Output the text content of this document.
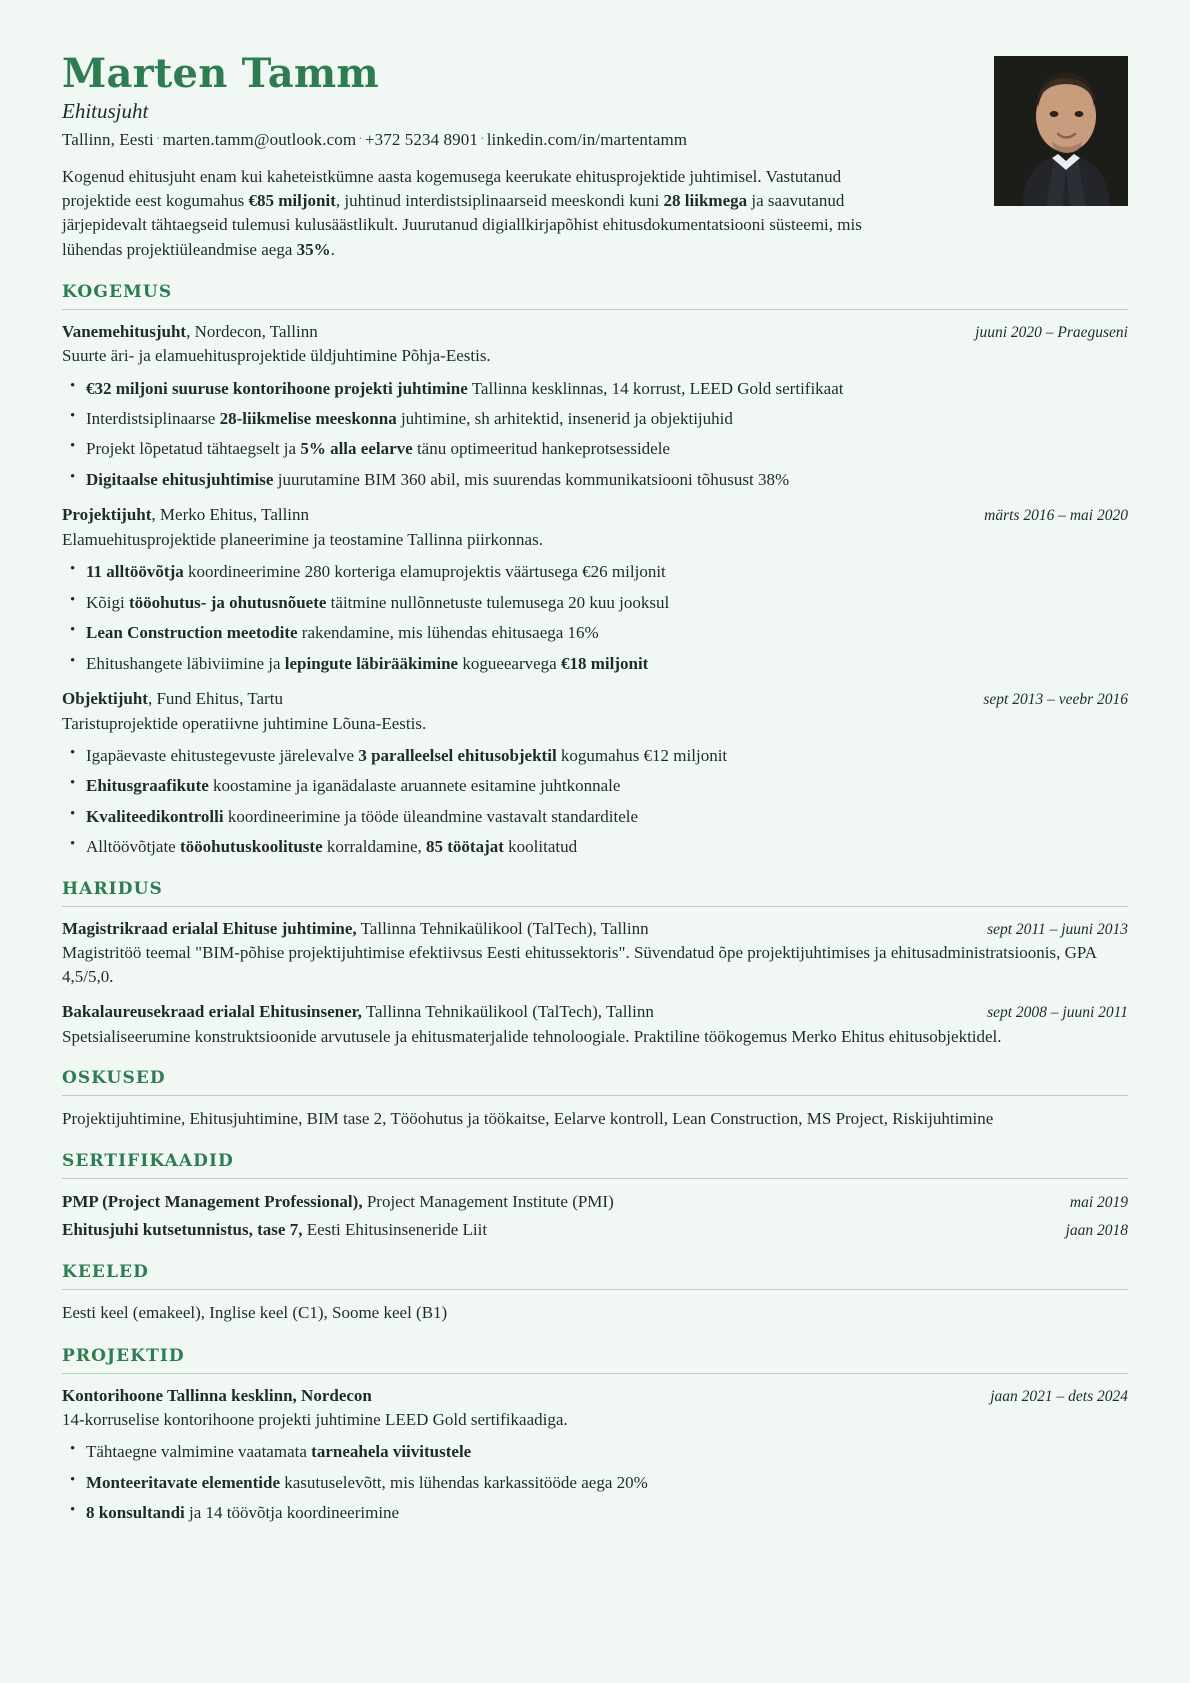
Marten Tamm
Ehitusjuht
Tallinn, Eesti · marten.tamm@outlook.com · +372 5234 8901 · linkedin.com/in/martentamm
Kogenud ehitusjuht enam kui kaheteistkümne aasta kogemusega keerukate ehitusprojektide juhtimisel. Vastutanud projektide eest kogumahus €85 miljonit, juhtinud interdistsiplinaarseid meeskondi kuni 28 liikmega ja saavutanud järjepidevalt tähtaegseid tulemusi kulusäästlikult. Juurutanud digiallkirjapõhist ehitusdokumentatsiooni süsteemi, mis lühendas projektiüleandmise aega 35%.
KOGEMUS
Vanemehitusjuht, Nordecon, Tallinn	juuni 2020 – Praeguseni
Suurte äri- ja elamuehitusprojektide üldjuhtimine Põhja-Eestis.
• €32 miljoni suuruse kontorihoone projekti juhtimine Tallinna kesklinnas, 14 korrust, LEED Gold sertifikaat
• Interdistsiplinaarse 28-liikmelise meeskonna juhtimine, sh arhitektid, insenerid ja objektijuhid
• Projekt lõpetatud tähtaegselt ja 5% alla eelarve tänu optimeeritud hankeprotsessidele
• Digitaalse ehitusjuhtimise juurutamine BIM 360 abil, mis suurendas kommunikatsiooni tõhusust 38%
Projektijuht, Merko Ehitus, Tallinn	märts 2016 – mai 2020
Elamuehitusprojektide planeerimine ja teostamine Tallinna piirkonnas.
• 11 alltöövõtja koordineerimine 280 korteriga elamuprojektis väärtusega €26 miljonit
• Kõigi tööohutus- ja ohutusnõuete täitmine nullõnnetuste tulemusega 20 kuu jooksul
• Lean Construction meetodite rakendamine, mis lühendas ehitusaega 16%
• Ehitushangete läbiviimine ja lepingute läbirääkimine kogueearvega €18 miljonit
Objektijuht, Fund Ehitus, Tartu	sept 2013 – veebr 2016
Taristuprojektide operatiivne juhtimine Lõuna-Eestis.
• Igapäevaste ehitustegevuste järelevalve 3 paralleelsel ehitusobjektil kogumahus €12 miljonit
• Ehitusgraafikute koostamine ja iganädalaste aruannete esitamine juhtkonnale
• Kvaliteedikontrolli koordineerimine ja tööde üleandmine vastavalt standarditele
• Alltöövõtjate tööohutuskoolituste korraldamine, 85 töötajat koolitatud
HARIDUS
Magistrikraad erialal Ehituse juhtimine, Tallinna Tehnikaülikool (TalTech), Tallinn	sept 2011 – juuni 2013
Magistritöö teemal "BIM-põhise projektijuhtimise efektiivsus Eesti ehitussektoris". Süvendatud õpe projektijuhtimises ja ehitusadministratsioonis, GPA 4,5/5,0.
Bakalaureusekraad erialal Ehitusinsener, Tallinna Tehnikaülikool (TalTech), Tallinn	sept 2008 – juuni 2011
Spetsialiseerumine konstruktsioonide arvutusele ja ehitusmaterjalide tehnoloogiale. Praktiline töökogemus Merko Ehitus ehitusobjektidel.
OSKUSED
Projektijuhtimine, Ehitusjuhtimine, BIM tase 2, Tööohutus ja töökaitse, Eelarve kontroll, Lean Construction, MS Project, Riskijuhtimine
SERTIFIKAADID
PMP (Project Management Professional), Project Management Institute (PMI)	mai 2019
Ehitusjuhi kutsetunnistus, tase 7, Eesti Ehitusinseneride Liit	jaan 2018
KEELED
Eesti keel (emakeel), Inglise keel (C1), Soome keel (B1)
PROJEKTID
Kontorihoone Tallinna kesklinn, Nordecon	jaan 2021 – dets 2024
14-korruselise kontorihoone projekti juhtimine LEED Gold sertifikaadiga.
• Tähtaegne valmimine vaatamata tarneahela viivitustele
• Monteeritavate elementide kasutuselevõtt, mis lühendas karkassitööde aega 20%
• 8 konsultandi ja 14 töövõtja koordineerimine
